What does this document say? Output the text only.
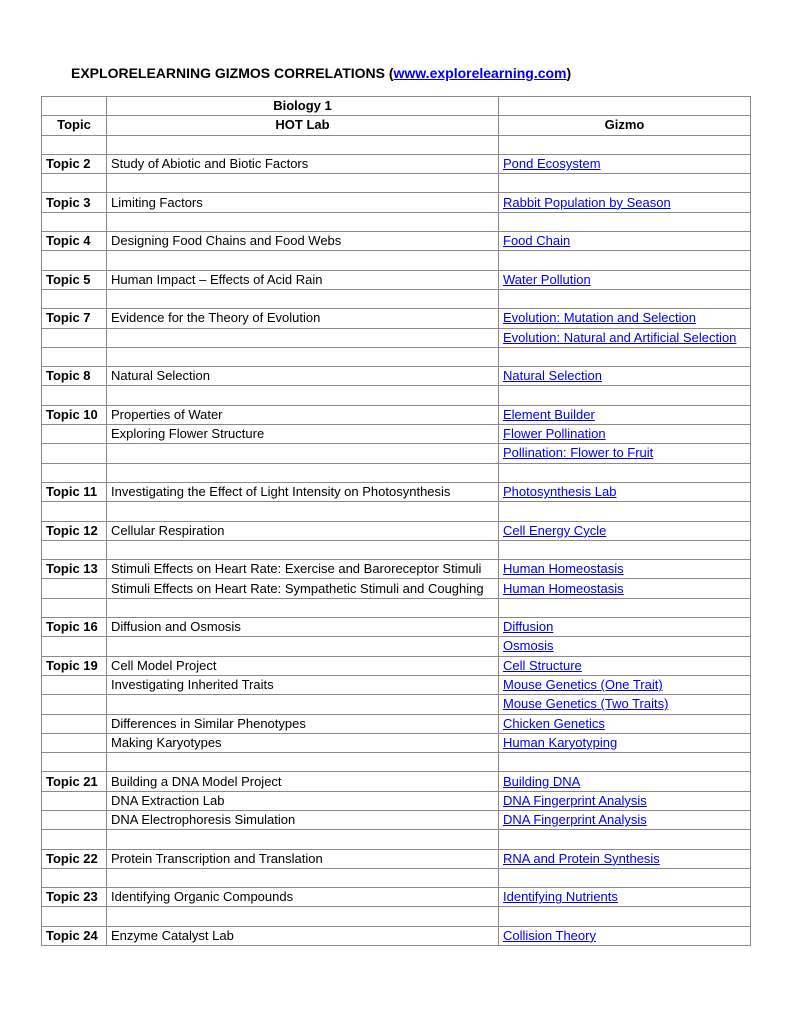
EXPLORELEARNING GIZMOS CORRELATIONS (www.explorelearning.com)
	Biology 1	
Topic	HOT Lab	Gizmo

Topic 2	Study of Abiotic and Biotic Factors	Pond Ecosystem

Topic 3	Limiting Factors	Rabbit Population by Season

Topic 4	Designing Food Chains and Food Webs	Food Chain

Topic 5	Human Impact – Effects of Acid Rain	Water Pollution

Topic 7	Evidence for the Theory of Evolution	Evolution: Mutation and Selection
		Evolution: Natural and Artificial Selection

Topic 8	Natural Selection	Natural Selection

Topic 10	Properties of Water	Element Builder
	Exploring Flower Structure	Flower Pollination
		Pollination: Flower to Fruit

Topic 11	Investigating the Effect of Light Intensity on Photosynthesis	Photosynthesis Lab

Topic 12	Cellular Respiration	Cell Energy Cycle

Topic 13	Stimuli Effects on Heart Rate: Exercise and Baroreceptor Stimuli	Human Homeostasis
	Stimuli Effects on Heart Rate: Sympathetic Stimuli and Coughing	Human Homeostasis

Topic 16	Diffusion and Osmosis	Diffusion
		Osmosis
Topic 19	Cell Model Project	Cell Structure
	Investigating Inherited Traits	Mouse Genetics (One Trait)
		Mouse Genetics (Two Traits)
	Differences in Similar Phenotypes	Chicken Genetics
	Making Karyotypes	Human Karyotyping

Topic 21	Building a DNA Model Project	Building DNA
	DNA Extraction Lab	DNA Fingerprint Analysis
	DNA Electrophoresis Simulation	DNA Fingerprint Analysis

Topic 22	Protein Transcription and Translation	RNA and Protein Synthesis

Topic 23	Identifying Organic Compounds	Identifying Nutrients

Topic 24	Enzyme Catalyst Lab	Collision Theory
